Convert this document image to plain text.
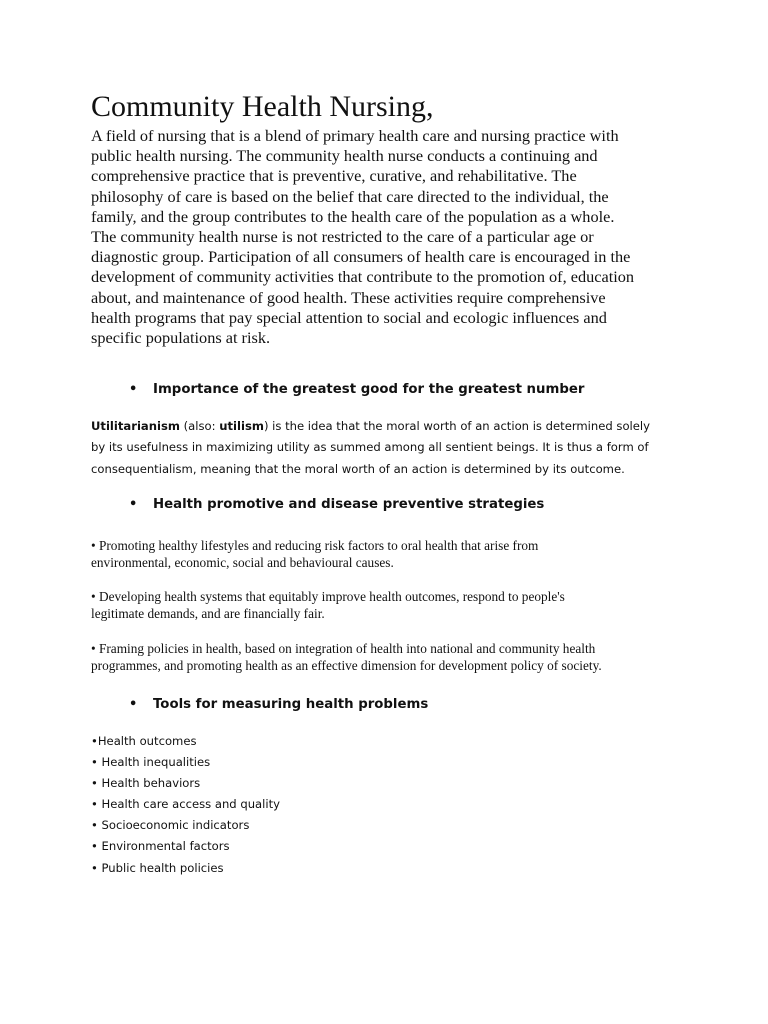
Community Health Nursing,

A field of nursing that is a blend of primary health care and nursing practice with
public health nursing. The community health nurse conducts a continuing and
comprehensive practice that is preventive, curative, and rehabilitative. The
philosophy of care is based on the belief that care directed to the individual, the
family, and the group contributes to the health care of the population as a whole.
The community health nurse is not restricted to the care of a particular age or
diagnostic group. Participation of all consumers of health care is encouraged in the
development of community activities that contribute to the promotion of, education
about, and maintenance of good health. These activities require comprehensive
health programs that pay special attention to social and ecologic influences and
specific populations at risk.

• Importance of the greatest good for the greatest number

Utilitarianism (also: utilism) is the idea that the moral worth of an action is determined solely
by its usefulness in maximizing utility as summed among all sentient beings. It is thus a form of
consequentialism, meaning that the moral worth of an action is determined by its outcome.

• Health promotive and disease preventive strategies

• Promoting healthy lifestyles and reducing risk factors to oral health that arise from
environmental, economic, social and behavioural causes.

• Developing health systems that equitably improve health outcomes, respond to people's
legitimate demands, and are financially fair.

• Framing policies in health, based on integration of health into national and community health
programmes, and promoting health as an effective dimension for development policy of society.

• Tools for measuring health problems
•Health outcomes
• Health inequalities
• Health behaviors
• Health care access and quality
• Socioeconomic indicators
• Environmental factors
• Public health policies
